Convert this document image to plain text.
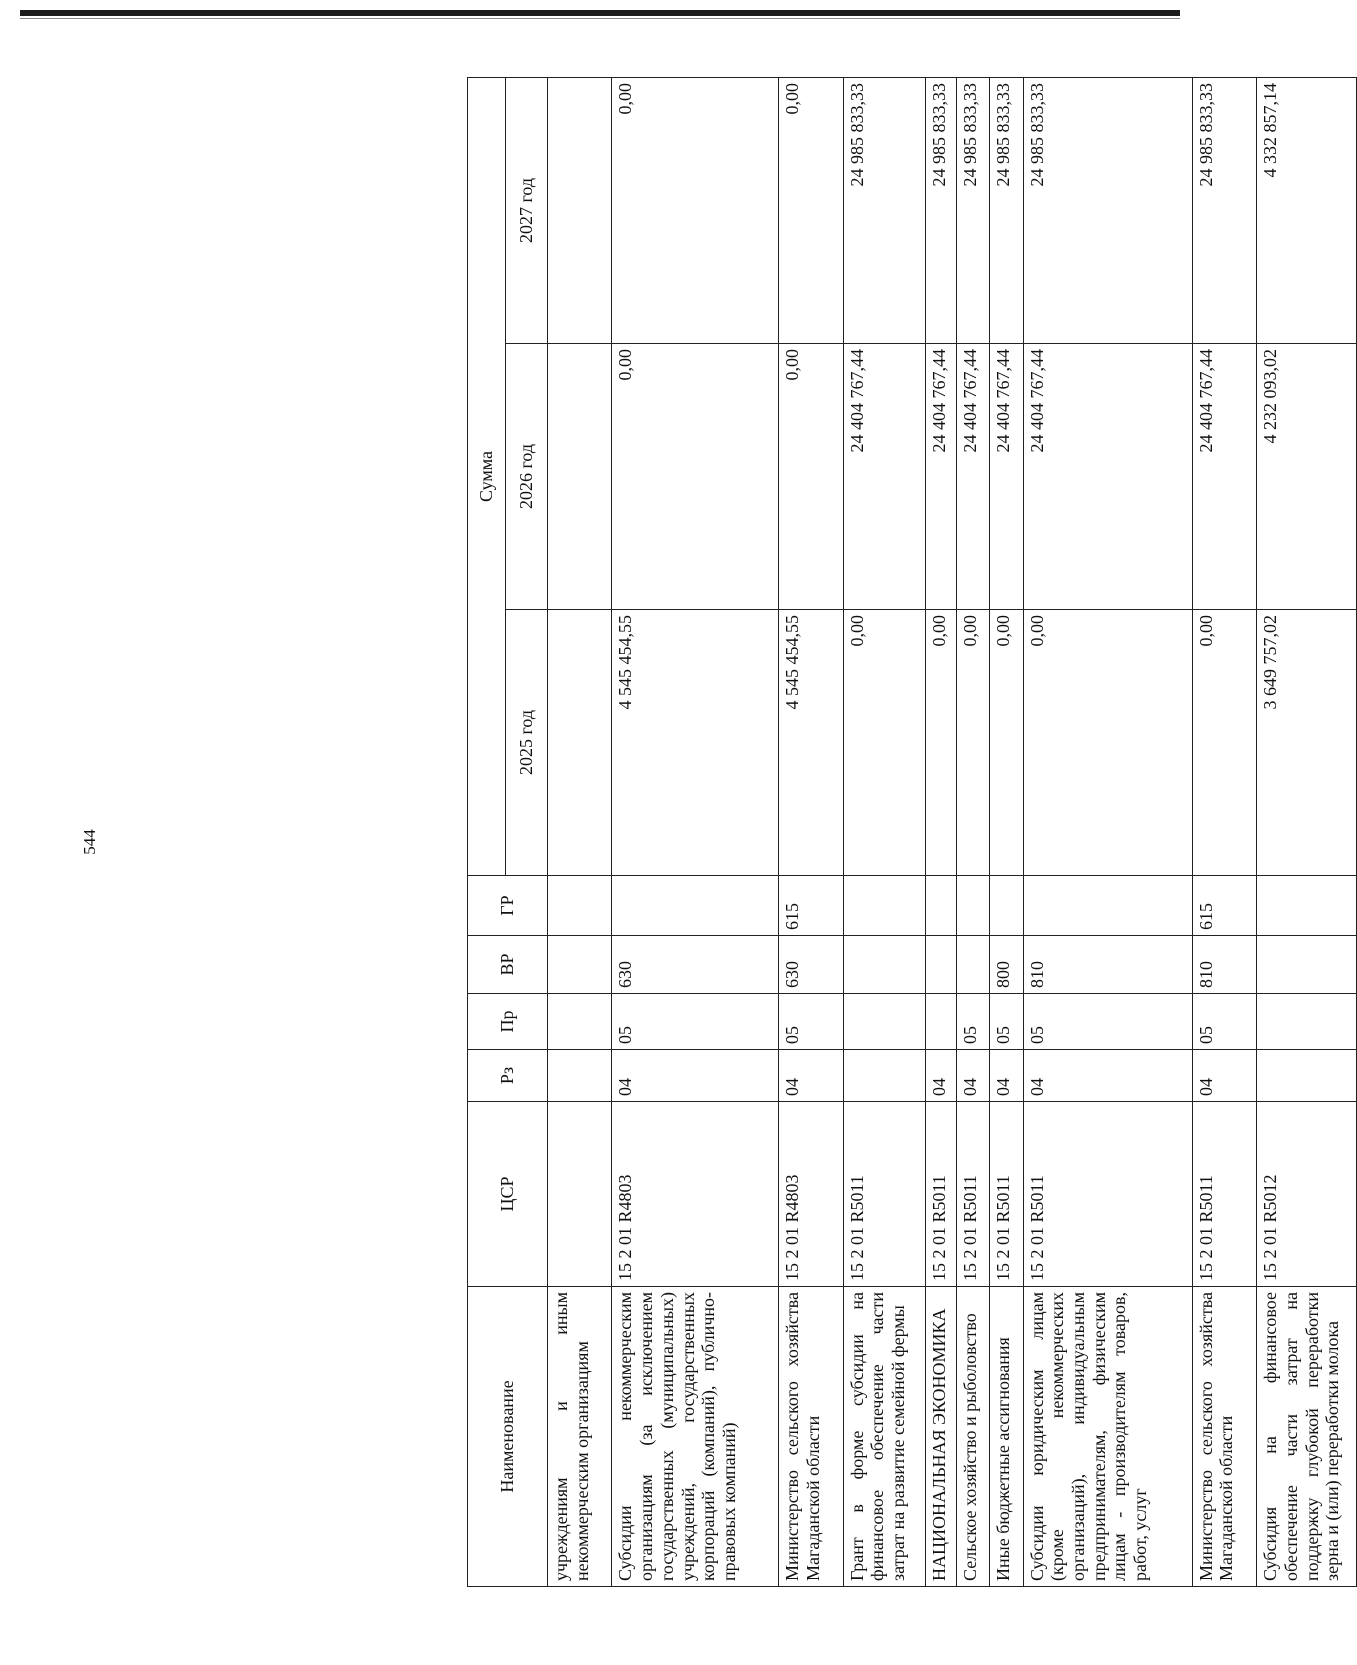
544
Наименование	ЦСР	Рз	Пр	ВР	ГР	Сумма		
						2025 год	2026 год	2027 год
учреждениям и иным некоммерческим организациям								
Субсидии некоммерческим организациям (за исключением государственных (муниципальных) учреждений, государственных корпораций (компаний), публично-правовых компаний)	15 2 01 R4803	04	05	630		4 545 454,55	0,00	0,00
Министерство сельского хозяйства Магаданской области	15 2 01 R4803	04	05	630	615	4 545 454,55	0,00	0,00
Грант в форме субсидии на финансовое обеспечение части затрат на развитие семейной фермы	15 2 01 R5011					0,00	24 404 767,44	24 985 833,33
НАЦИОНАЛЬНАЯ ЭКОНОМИКА	15 2 01 R5011	04				0,00	24 404 767,44	24 985 833,33
Сельское хозяйство и рыболовство	15 2 01 R5011	04	05			0,00	24 404 767,44	24 985 833,33
Иные бюджетные ассигнования	15 2 01 R5011	04	05	800		0,00	24 404 767,44	24 985 833,33
Субсидии юридическим лицам (кроме некоммерческих организаций), индивидуальным предпринимателям, физическим лицам - производителям товаров, работ, услуг	15 2 01 R5011	04	05	810		0,00	24 404 767,44	24 985 833,33
Министерство сельского хозяйства Магаданской области	15 2 01 R5011	04	05	810	615	0,00	24 404 767,44	24 985 833,33
Субсидия на финансовое обеспечение части затрат на поддержку глубокой переработки зерна и (или) переработки молока	15 2 01 R5012					3 649 757,02	4 232 093,02	4 332 857,14
